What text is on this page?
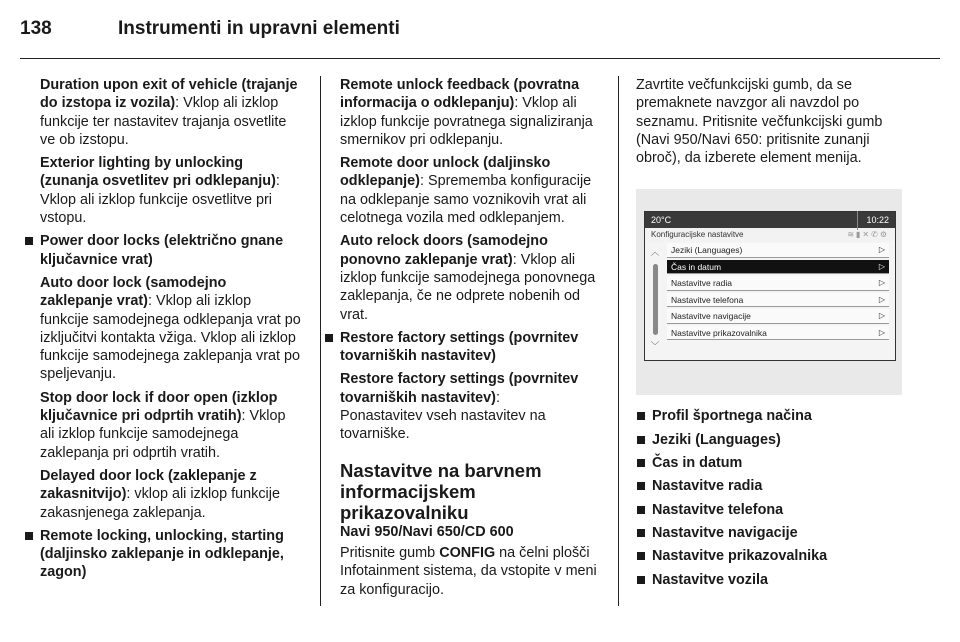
138	Instrumenti in upravni elementi

Duration upon exit of vehicle (trajanje do izstopa iz vozila): Vklop ali izklop funkcije ter nastavitev trajanja osvetlite ve ob izstopu.

Exterior lighting by unlocking (zunanja osvetlitev pri odklepanju): Vklop ali izklop funkcije osvetlitve pri vstopu.

Power door locks (električno gnane ključavnice vrat)

Auto door lock (samodejno zaklepanje vrat): Vklop ali izklop funkcije samodejnega odklepanja vrat po izključitvi kontakta vžiga. Vklop ali izklop funkcije samodejnega zaklepanja vrat po speljevanju.

Stop door lock if door open (izklop ključavnice pri odprtih vratih): Vklop ali izklop funkcije samodejnega zaklepanja pri odprtih vratih.

Delayed door lock (zaklepanje z zakasnitvijo): vklop ali izklop funkcije zakasnjenega zaklepanja.

Remote locking, unlocking, starting (daljinsko zaklepanje in odklepanje, zagon)

Remote unlock feedback (povratna informacija o odklepanju): Vklop ali izklop funkcije povratnega signaliziranja smernikov pri odklepanju.

Remote door unlock (daljinsko odklepanje): Sprememba konfiguracije na odklepanje samo voznikovih vrat ali celotnega vozila med odklepanjem.

Auto relock doors (samodejno ponovno zaklepanje vrat): Vklop ali izklop funkcije samodejnega ponovnega zaklepanja, če ne odprete nobenih od vrat.

Restore factory settings (povrnitev tovarniških nastavitev)

Restore factory settings (povrnitev tovarniških nastavitev):
Ponastavitev vseh nastavitev na tovarniške.

Nastavitve na barvnem informacijskem prikazovalniku
Navi 950/Navi 650/CD 600

Pritisnite gumb CONFIG na čelni plošči Infotainment sistema, da vstopite v meni za konfiguracijo.

Zavrtite večfunkcijski gumb, da se premaknete navzgor ali navzdol po seznamu. Pritisnite večfunkcijski gumb (Navi 950/Navi 650: pritisnite zunanji obroč), da izberete element menija.

20°C	10:22
Konfiguracijske nastavitve	≋▮✕✆⚙
︿
﹀
Jeziki (Languages)	▷
Čas in datum	▷
Nastavitve radia	▷
Nastavitve telefona	▷
Nastavitve navigacije	▷
Nastavitve prikazovalnika	▷
Profil športnega načina
Jeziki (Languages)
Čas in datum
Nastavitve radia
Nastavitve telefona
Nastavitve navigacije
Nastavitve prikazovalnika
Nastavitve vozila
